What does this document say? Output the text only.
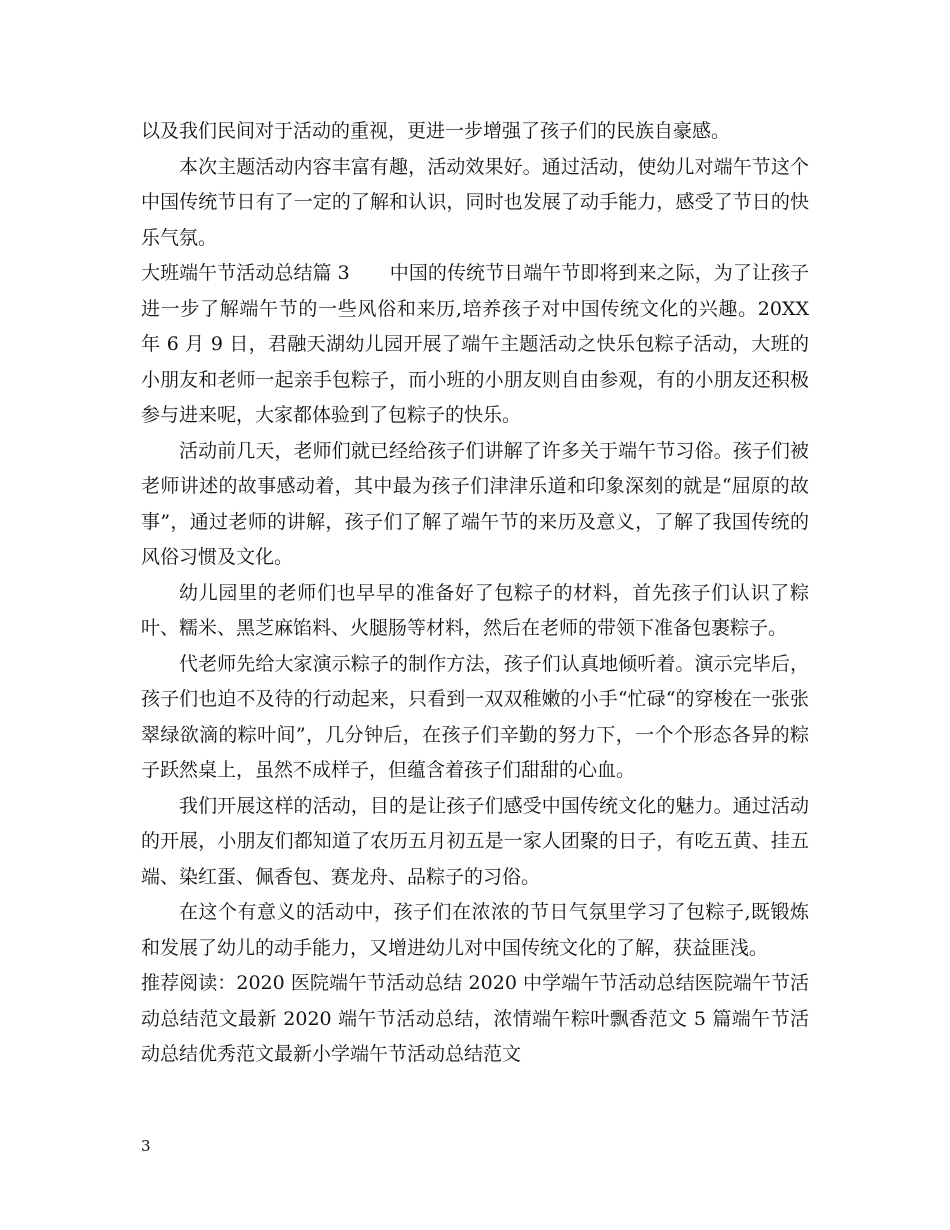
以及我们民间对于活动的重视，更进一步增强了孩子们的民族自豪感。

本次主题活动内容丰富有趣，活动效果好。通过活动，使幼儿对端午节这个中国传统节日有了一定的了解和认识，同时也发展了动手能力，感受了节日的快乐气氛。

大班端午节活动总结篇 3 中国的传统节日端午节即将到来之际，为了让孩子进一步了解端午节的一些风俗和来历,培养孩子对中国传统文化的兴趣。20XX 年 6 月 9 日，君融天湖幼儿园开展了端午主题活动之快乐包粽子活动，大班的小朋友和老师一起亲手包粽子，而小班的小朋友则自由参观，有的小朋友还积极参与进来呢，大家都体验到了包粽子的快乐。

活动前几天，老师们就已经给孩子们讲解了许多关于端午节习俗。孩子们被老师讲述的故事感动着，其中最为孩子们津津乐道和印象深刻的就是“屈原的故事”，通过老师的讲解，孩子们了解了端午节的来历及意义，了解了我国传统的风俗习惯及文化。

幼儿园里的老师们也早早的准备好了包粽子的材料，首先孩子们认识了粽叶、糯米、黑芝麻馅料、火腿肠等材料，然后在老师的带领下准备包裹粽子。

代老师先给大家演示粽子的制作方法，孩子们认真地倾听着。演示完毕后，孩子们也迫不及待的行动起来，只看到一双双稚嫩的小手“忙碌“的穿梭在一张张翠绿欲滴的粽叶间”，几分钟后，在孩子们辛勤的努力下，一个个形态各异的粽子跃然桌上，虽然不成样子，但蕴含着孩子们甜甜的心血。

我们开展这样的活动，目的是让孩子们感受中国传统文化的魅力。通过活动的开展，小朋友们都知道了农历五月初五是一家人团聚的日子，有吃五黄、挂五端、染红蛋、佩香包、赛龙舟、品粽子的习俗。

在这个有意义的活动中，孩子们在浓浓的节日气氛里学习了包粽子,既锻炼和发展了幼儿的动手能力，又增进幼儿对中国传统文化的了解，获益匪浅。

推荐阅读：2020 医院端午节活动总结 2020 中学端午节活动总结医院端午节活动总结范文最新 2020 端午节活动总结，浓情端午粽叶飘香范文 5 篇端午节活动总结优秀范文最新小学端午节活动总结范文

3
